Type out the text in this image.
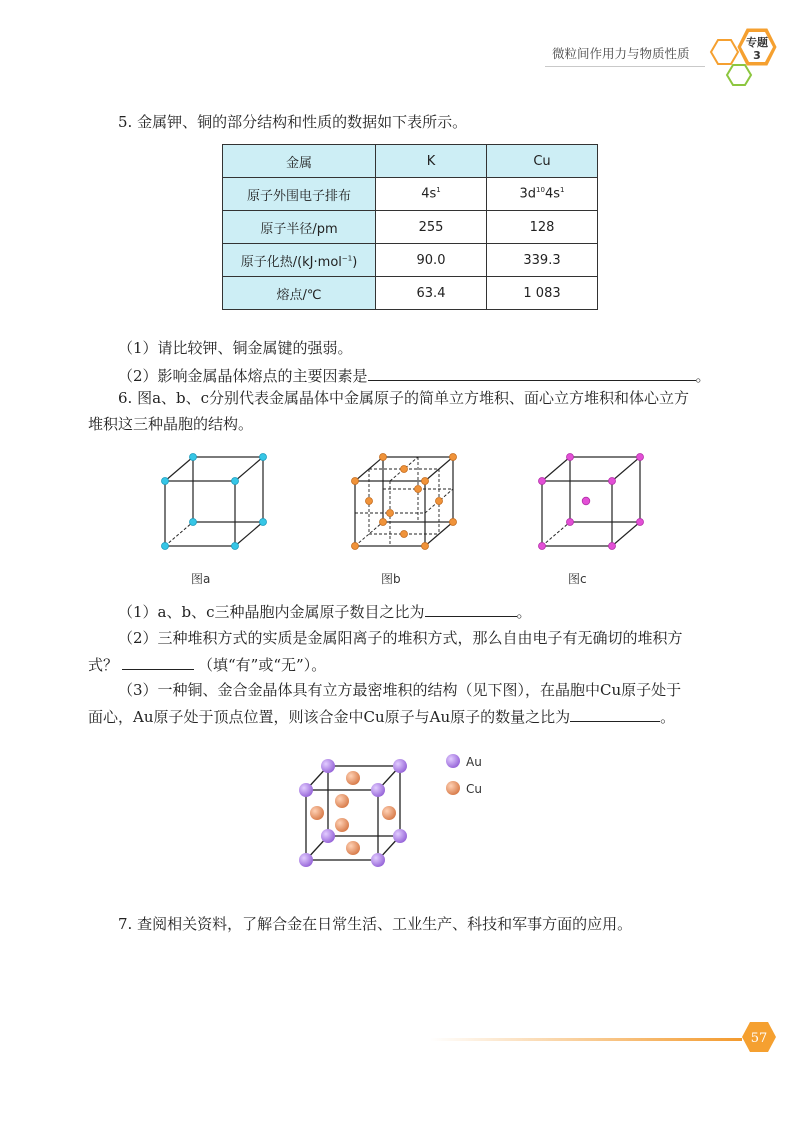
微粒间作用力与物质性质
专题
3
5. 金属钾、铜的部分结构和性质的数据如下表所示。
金属	K	Cu
原子外围电子排布	$4s^1$	$3d^{10}4s^1$
原子半径/pm	255	128
原子化热/(kJ·mol$^{-1}$)	90.0	339.3
熔点/℃	63.4	1 083
（1）请比较钾、铜金属键的强弱。
（2）影响金属晶体熔点的主要因素是	。
6. 图a、b、c分别代表金属晶体中金属原子的简单立方堆积、面心立方堆积和体心立方
堆积这三种晶胞的结构。
图a	图b	图c
（1）a、b、c三种晶胞内金属原子数目之比为	。
（2）三种堆积方式的实质是金属阳离子的堆积方式，那么自由电子有无确切的堆积方
式？	（填“有”或“无”）。
（3）一种铜、金合金晶体具有立方最密堆积的结构（见下图），在晶胞中Cu原子处于
面心，Au原子处于顶点位置，则该合金中Cu原子与Au原子的数量之比为	。
Au
Cu
7. 查阅相关资料，了解合金在日常生活、工业生产、科技和军事方面的应用。
57
